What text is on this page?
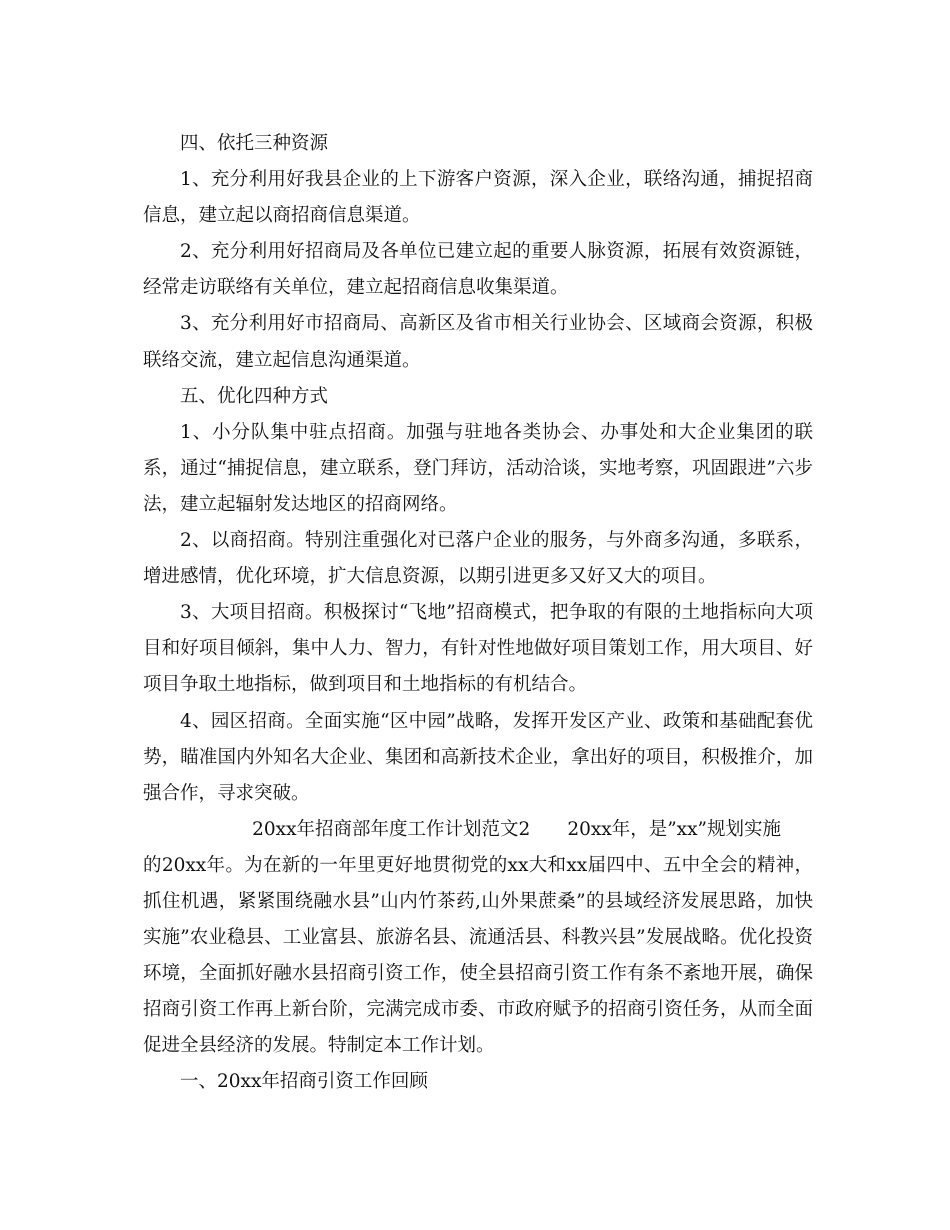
四、依托三种资源

1、充分利用好我县企业的上下游客户资源，深入企业，联络沟通，捕捉招商信息，建立起以商招商信息渠道。

2、充分利用好招商局及各单位已建立起的重要人脉资源，拓展有效资源链，经常走访联络有关单位，建立起招商信息收集渠道。

3、充分利用好市招商局、高新区及省市相关行业协会、区域商会资源，积极联络交流，建立起信息沟通渠道。

五、优化四种方式

1、小分队集中驻点招商。加强与驻地各类协会、办事处和大企业集团的联系，通过“捕捉信息，建立联系，登门拜访，活动洽谈，实地考察，巩固跟进”六步法，建立起辐射发达地区的招商网络。

2、以商招商。特别注重强化对已落户企业的服务，与外商多沟通，多联系，增进感情，优化环境，扩大信息资源，以期引进更多又好又大的项目。

3、大项目招商。积极探讨“飞地”招商模式，把争取的有限的土地指标向大项目和好项目倾斜，集中人力、智力，有针对性地做好项目策划工作，用大项目、好项目争取土地指标，做到项目和土地指标的有机结合。

4、园区招商。全面实施“区中园”战略，发挥开发区产业、政策和基础配套优势，瞄准国内外知名大企业、集团和高新技术企业，拿出好的项目，积极推介，加强合作，寻求突破。

20xx年招商部年度工作计划范文2　　20xx年，是”xx”规划实施

的20xx年。为在新的一年里更好地贯彻党的xx大和xx届四中、五中全会的精神，抓住机遇，紧紧围绕融水县”山内竹茶药,山外果蔗桑”的县域经济发展思路，加快实施”农业稳县、工业富县、旅游名县、流通活县、科教兴县”发展战略。优化投资环境，全面抓好融水县招商引资工作，使全县招商引资工作有条不紊地开展，确保招商引资工作再上新台阶，完满完成市委、市政府赋予的招商引资任务，从而全面促进全县经济的发展。特制定本工作计划。

一、20xx年招商引资工作回顾
